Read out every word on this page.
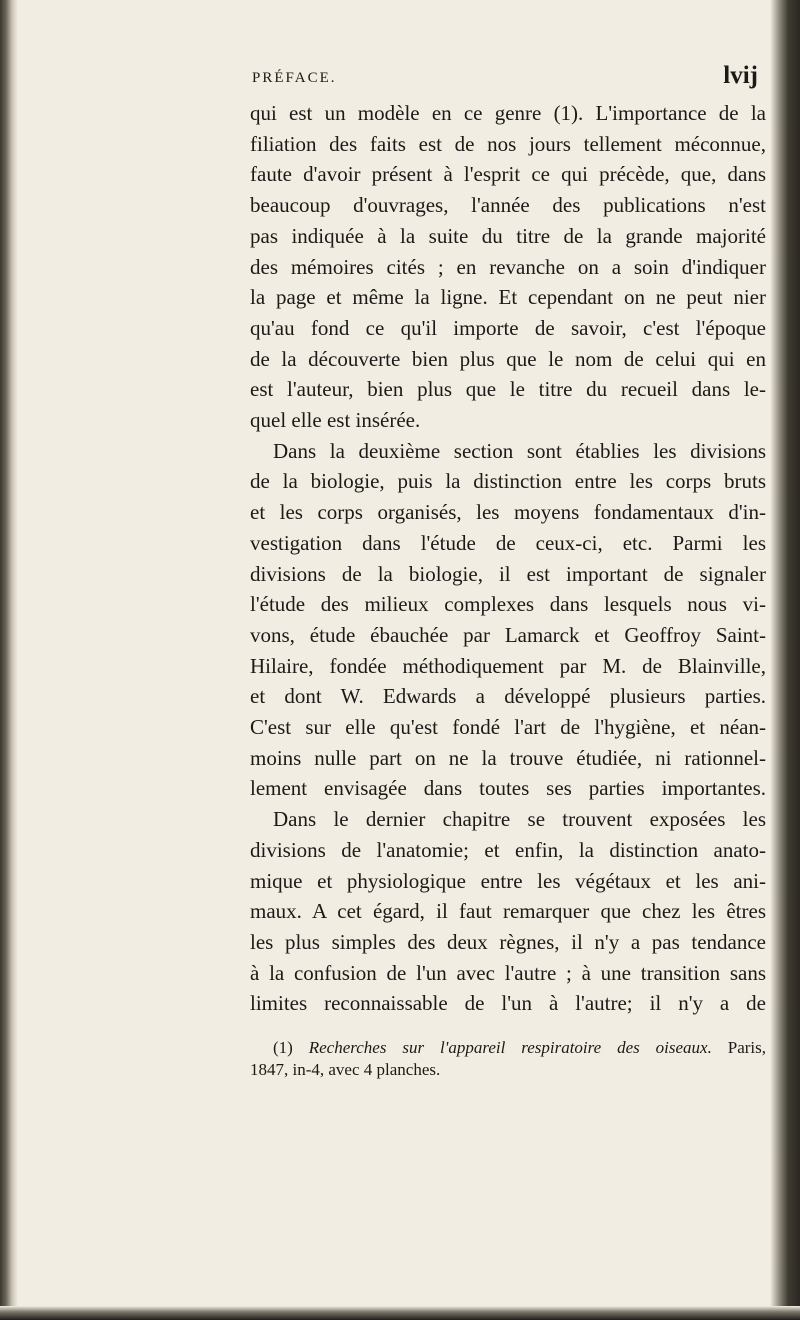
PRÉFACE.	lvij
qui est un modèle en ce genre (1). L'importance de la
filiation des faits est de nos jours tellement méconnue,
faute d'avoir présent à l'esprit ce qui précède, que, dans
beaucoup d'ouvrages, l'année des publications n'est
pas indiquée à la suite du titre de la grande majorité
des mémoires cités ; en revanche on a soin d'indiquer
la page et même la ligne. Et cependant on ne peut nier
qu'au fond ce qu'il importe de savoir, c'est l'époque
de la découverte bien plus que le nom de celui qui en
est l'auteur, bien plus que le titre du recueil dans le-
quel elle est insérée.
Dans la deuxième section sont établies les divisions
de la biologie, puis la distinction entre les corps bruts
et les corps organisés, les moyens fondamentaux d'in-
vestigation dans l'étude de ceux-ci, etc. Parmi les
divisions de la biologie, il est important de signaler
l'étude des milieux complexes dans lesquels nous vi-
vons, étude ébauchée par Lamarck et Geoffroy Saint-
Hilaire, fondée méthodiquement par M. de Blainville,
et dont W. Edwards a développé plusieurs parties.
C'est sur elle qu'est fondé l'art de l'hygiène, et néan-
moins nulle part on ne la trouve étudiée, ni rationnel-
lement envisagée dans toutes ses parties importantes.
Dans le dernier chapitre se trouvent exposées les
divisions de l'anatomie; et enfin, la distinction anato-
mique et physiologique entre les végétaux et les ani-
maux. A cet égard, il faut remarquer que chez les êtres
les plus simples des deux règnes, il n'y a pas tendance
à la confusion de l'un avec l'autre ; à une transition sans
limites reconnaissable de l'un à l'autre; il n'y a de
(1) Recherches sur l'appareil respiratoire des oiseaux. Paris,
1847, in-4, avec 4 planches.
